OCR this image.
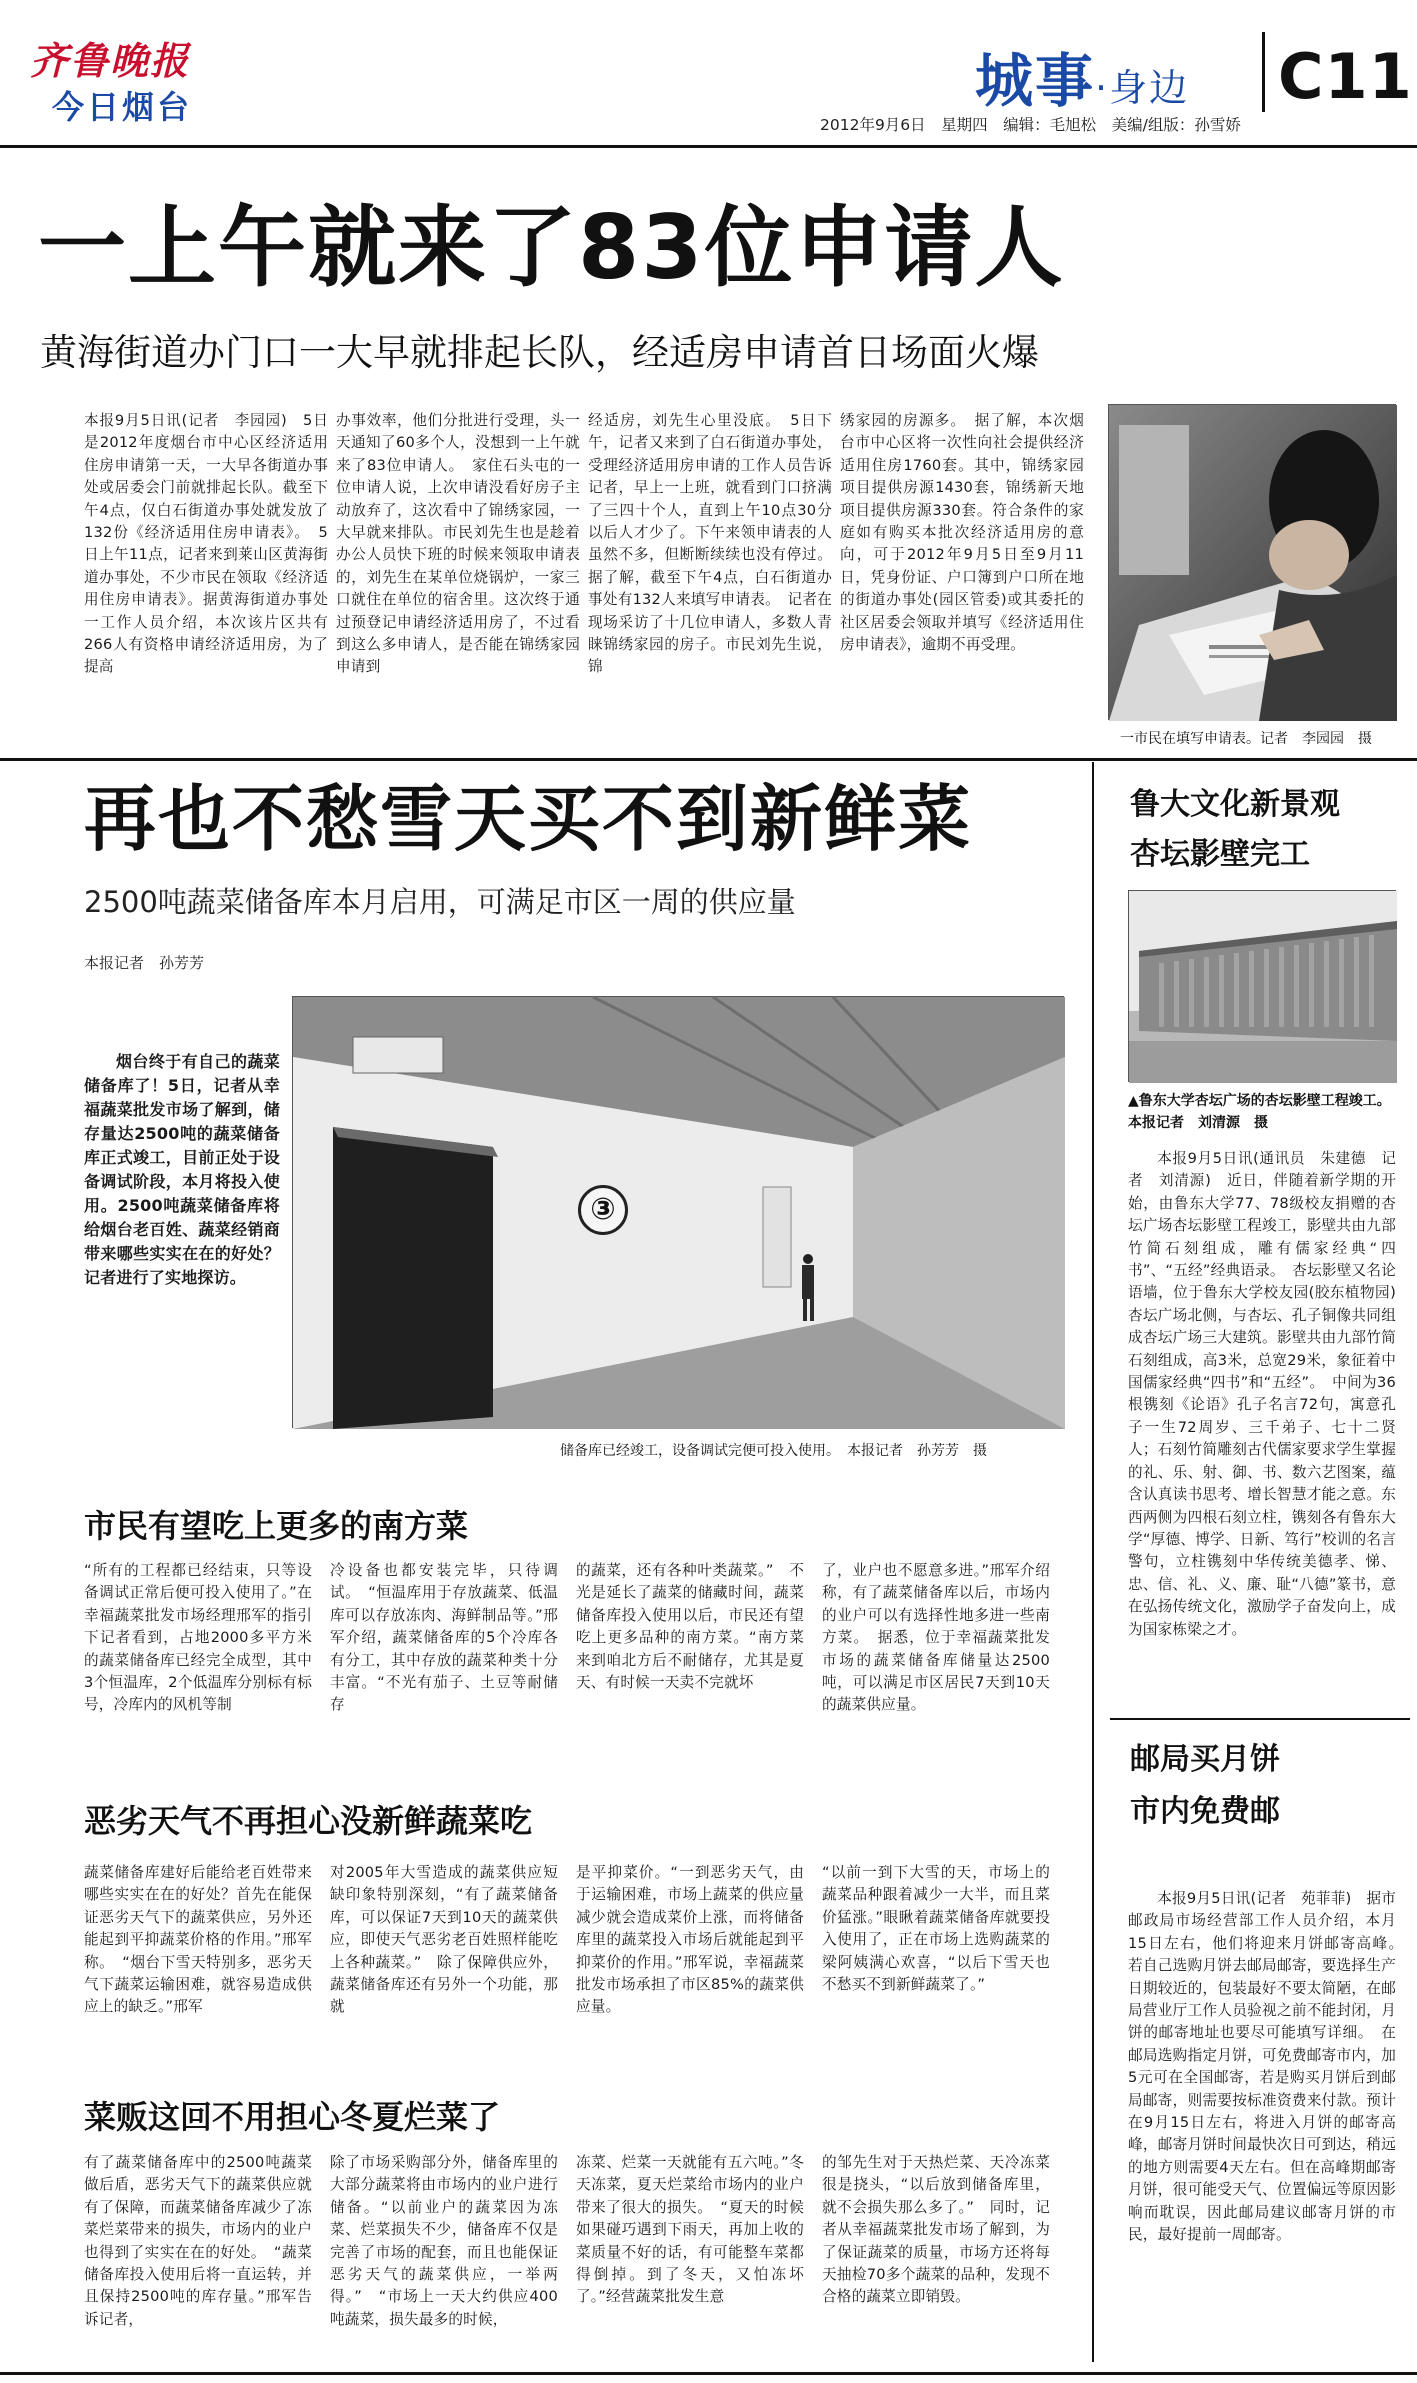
齐鲁晚报
今日烟台	城事·身边 C11
2012年9月6日　星期四　编辑：毛旭松　美编/组版：孙雪娇
一上午就来了83位申请人
黄海街道办门口一大早就排起长队，经适房申请首日场面火爆
本报9月5日讯(记者　李园园)　5日是2012年度烟台市中心区经济适用住房申请第一天，一大早各街道办事处或居委会门前就排起长队。截至下午4点，仅白石街道办事处就发放了132份《经济适用住房申请表》。　5日上午11点，记者来到莱山区黄海街道办事处，不少市民在领取《经济适用住房申请表》。据黄海街道办事处一工作人员介绍，本次该片区共有266人有资格申请经济适用房，为了提高
办事效率，他们分批进行受理，头一天通知了60多个人，没想到一上午就来了83位申请人。　家住石头屯的一位申请人说，上次申请没看好房子主动放弃了，这次看中了锦绣家园，一大早就来排队。市民刘先生也是趁着办公人员快下班的时候来领取申请表的，刘先生在某单位烧锅炉，一家三口就住在单位的宿舍里。这次终于通过预登记申请经济适用房了，不过看到这么多申请人，是否能在锦绣家园申请到
经适房，刘先生心里没底。　5日下午，记者又来到了白石街道办事处，受理经济适用房申请的工作人员告诉记者，早上一上班，就看到门口挤满了三四十个人，直到上午10点30分以后人才少了。下午来领申请表的人虽然不多，但断断续续也没有停过。据了解，截至下午4点，白石街道办事处有132人来填写申请表。　记者在现场采访了十几位申请人，多数人青睐锦绣家园的房子。市民刘先生说，锦
绣家园的房源多。　据了解，本次烟台市中心区将一次性向社会提供经济适用住房1760套。其中，锦绣家园项目提供房源1430套，锦绣新天地项目提供房源330套。符合条件的家庭如有购买本批次经济适用房的意向，可于2012年9月5日至9月11日，凭身份证、户口簿到户口所在地的街道办事处(园区管委)或其委托的社区居委会领取并填写《经济适用住房申请表》，逾期不再受理。
一市民在填写申请表。记者　李园园　摄
再也不愁雪天买不到新鲜菜
2500吨蔬菜储备库本月启用，可满足市区一周的供应量
本报记者　孙芳芳
烟台终于有自己的蔬菜储备库了！5日，记者从幸福蔬菜批发市场了解到，储存量达2500吨的蔬菜储备库正式竣工，目前正处于设备调试阶段，本月将投入使用。2500吨蔬菜储备库将给烟台老百姓、蔬菜经销商带来哪些实实在在的好处？记者进行了实地探访。
③
储备库已经竣工，设备调试完便可投入使用。　本报记者　孙芳芳　摄
市民有望吃上更多的南方菜
“所有的工程都已经结束，只等设备调试正常后便可投入使用了。”在幸福蔬菜批发市场经理邢军的指引下记者看到，占地2000多平方米的蔬菜储备库已经完全成型，其中3个恒温库，2个低温库分别标有标号，冷库内的风机等制
冷设备也都安装完毕，只待调试。　“恒温库用于存放蔬菜、低温库可以存放冻肉、海鲜制品等。”邢军介绍，蔬菜储备库的5个冷库各有分工，其中存放的蔬菜种类十分丰富。“不光有茄子、土豆等耐储存
的蔬菜，还有各种叶类蔬菜。”　不光是延长了蔬菜的储藏时间，蔬菜储备库投入使用以后，市民还有望吃上更多品种的南方菜。“南方菜来到咱北方后不耐储存，尤其是夏天、有时候一天卖不完就坏
了，业户也不愿意多进。”邢军介绍称，有了蔬菜储备库以后，市场内的业户可以有选择性地多进一些南方菜。　据悉，位于幸福蔬菜批发市场的蔬菜储备库储量达2500吨，可以满足市区居民7天到10天的蔬菜供应量。
恶劣天气不再担心没新鲜蔬菜吃
蔬菜储备库建好后能给老百姓带来哪些实实在在的好处？首先在能保证恶劣天气下的蔬菜供应，另外还能起到平抑蔬菜价格的作用。”邢军称。　“烟台下雪天特别多，恶劣天气下蔬菜运输困难，就容易造成供应上的缺乏。”邢军
对2005年大雪造成的蔬菜供应短缺印象特别深刻，“有了蔬菜储备库，可以保证7天到10天的蔬菜供应，即使天气恶劣老百姓照样能吃上各种蔬菜。”　除了保障供应外，蔬菜储备库还有另外一个功能，那就
是平抑菜价。“一到恶劣天气，由于运输困难，市场上蔬菜的供应量减少就会造成菜价上涨，而将储备库里的蔬菜投入市场后就能起到平抑菜价的作用。”邢军说，幸福蔬菜批发市场承担了市区85%的蔬菜供应量。
“以前一到下大雪的天，市场上的蔬菜品种跟着减少一大半，而且菜价猛涨。”眼瞅着蔬菜储备库就要投入使用了，正在市场上选购蔬菜的梁阿姨满心欢喜，“以后下雪天也不愁买不到新鲜蔬菜了。”
菜贩这回不用担心冬夏烂菜了
有了蔬菜储备库中的2500吨蔬菜做后盾，恶劣天气下的蔬菜供应就有了保障，而蔬菜储备库减少了冻菜烂菜带来的损失，市场内的业户也得到了实实在在的好处。　“蔬菜储备库投入使用后将一直运转，并且保持2500吨的库存量。”邢军告诉记者，
除了市场采购部分外，储备库里的大部分蔬菜将由市场内的业户进行储备。“以前业户的蔬菜因为冻菜、烂菜损失不少，储备库不仅是完善了市场的配套，而且也能保证恶劣天气的蔬菜供应，一举两得。”　“市场上一天大约供应400吨蔬菜，损失最多的时候，
冻菜、烂菜一天就能有五六吨。”冬天冻菜，夏天烂菜给市场内的业户带来了很大的损失。　“夏天的时候如果碰巧遇到下雨天，再加上收的菜质量不好的话，有可能整车菜都得倒掉。到了冬天，又怕冻坏了。”经营蔬菜批发生意
的邹先生对于天热烂菜、天冷冻菜很是挠头，“以后放到储备库里，就不会损失那么多了。”　同时，记者从幸福蔬菜批发市场了解到，为了保证蔬菜的质量，市场方还将每天抽检70多个蔬菜的品种，发现不合格的蔬菜立即销毁。
鲁大文化新景观
杏坛影壁完工
▲鲁东大学杏坛广场的杏坛影壁工程竣工。本报记者　刘清源　摄
本报9月5日讯(通讯员　朱建德　记者　刘清源)　近日，伴随着新学期的开始，由鲁东大学77、78级校友捐赠的杏坛广场杏坛影壁工程竣工，影壁共由九部竹简石刻组成，雕有儒家经典“四书”、“五经”经典语录。　杏坛影壁又名论语墙，位于鲁东大学校友园(胶东植物园)杏坛广场北侧，与杏坛、孔子铜像共同组成杏坛广场三大建筑。影壁共由九部竹简石刻组成，高3米，总宽29米，象征着中国儒家经典“四书”和“五经”。　中间为36根镌刻《论语》孔子名言72句，寓意孔子一生72周岁、三千弟子、七十二贤人；石刻竹简雕刻古代儒家要求学生掌握的礼、乐、射、御、书、数六艺图案，蕴含认真读书思考、增长智慧才能之意。东西两侧为四根石刻立柱，镌刻各有鲁东大学“厚德、博学、日新、笃行”校训的名言警句，立柱镌刻中华传统美德孝、悌、忠、信、礼、义、廉、耻“八德”篆书，意在弘扬传统文化，激励学子奋发向上，成为国家栋梁之才。
邮局买月饼
市内免费邮
本报9月5日讯(记者　苑菲菲)　据市邮政局市场经营部工作人员介绍，本月15日左右，他们将迎来月饼邮寄高峰。　若自己选购月饼去邮局邮寄，要选择生产日期较近的，包装最好不要太简陋，在邮局营业厅工作人员验视之前不能封闭，月饼的邮寄地址也要尽可能填写详细。　在邮局选购指定月饼，可免费邮寄市内，加5元可在全国邮寄，若是购买月饼后到邮局邮寄，则需要按标准资费来付款。预计在9月15日左右，将进入月饼的邮寄高峰，邮寄月饼时间最快次日可到达，稍远的地方则需要4天左右。但在高峰期邮寄月饼，很可能受天气、位置偏远等原因影响而耽误，因此邮局建议邮寄月饼的市民，最好提前一周邮寄。
